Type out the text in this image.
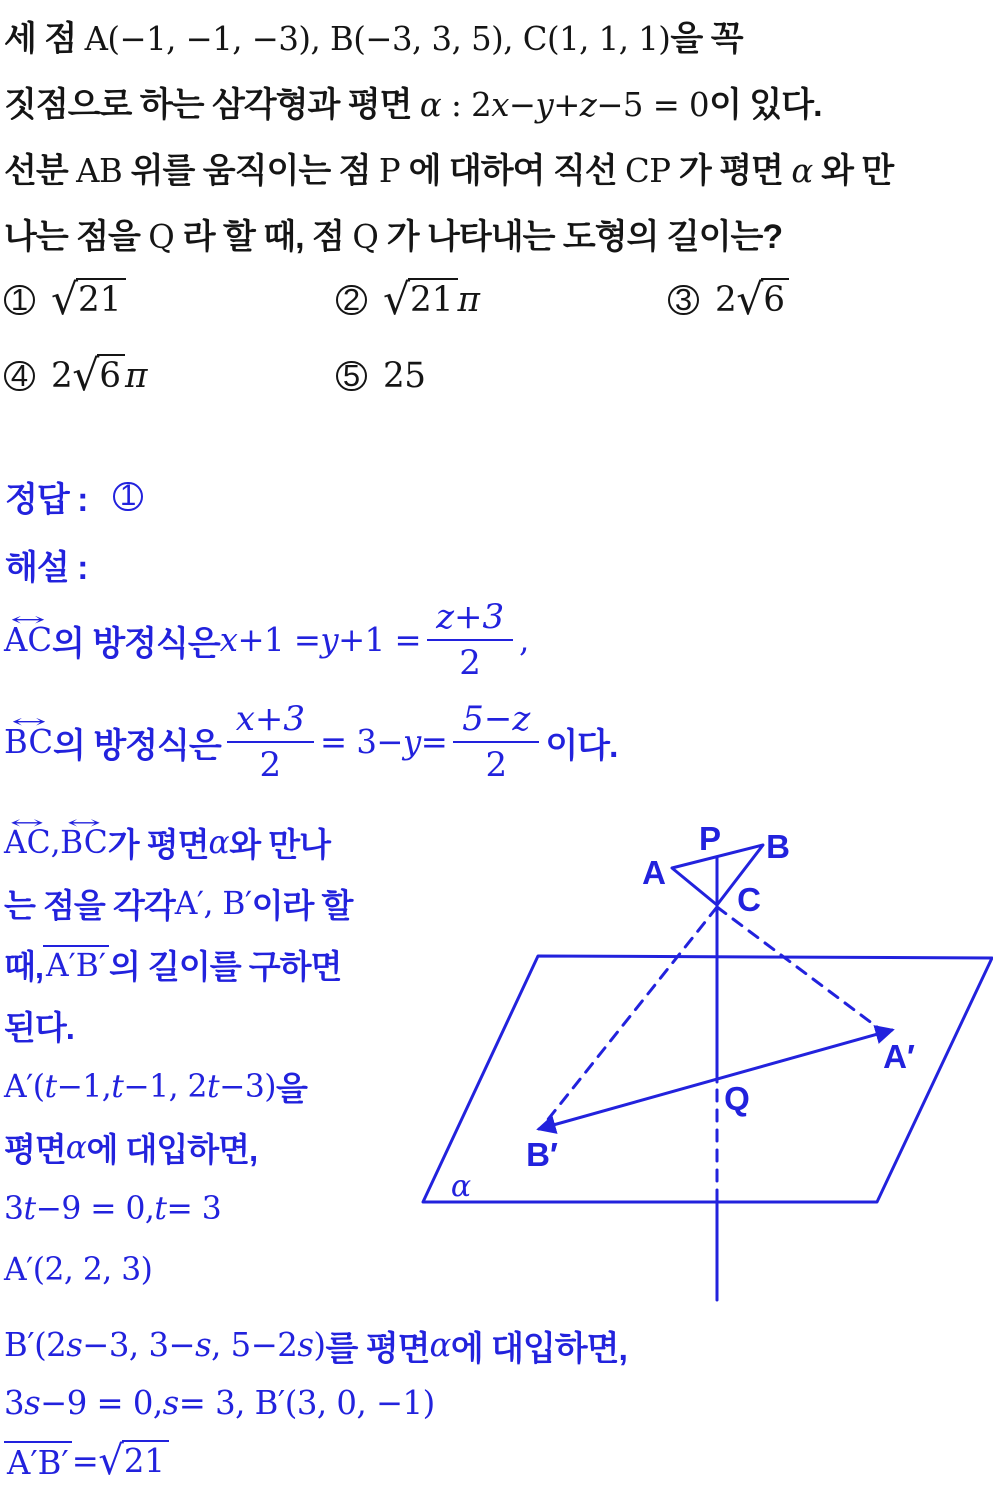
세 점 A(−1, −1, −3), B(−3, 3, 5), C(1, 1, 1)을 꼭
짓점으로 하는 삼각형과 평면 α : 2x−y+z−5 = 0이 있다.
선분 AB 위를 움직이는 점 P 에 대하여 직선 CP 가 평면 α 와 만
나는 점을 Q 라 할 때, 점 Q 가 나타내는 도형의 길이는?
1 √21	2 √21 π	3 2 √6
4 2 √6 π	5 25
정답 : 1
해설 :
↔ AC 의 방정식은 $x +1 = y +1 = \frac{z+3}{2}$ ,
↔ BC 의 방정식은 $\frac{x+3}{2} = 3- y = \frac{5-z}{2}$ 이다.
↔ AC , ↔ BC 가 평면 α 와 만나
는 점을 각각 A′, B′ 이라 할
때, A′B′ 의 길이를 구하면
된다.
A′( t −1, t −1, 2 t −3) 을
평면 α 에 대입하면,
3 t −9 = 0, t = 3
A′(2, 2, 3)
P
A
B
C
Q
A′
B′
α
B′(2 s −3, 3− s , 5−2 s ) 를 평면 α 에 대입하면,
3 s −9 = 0, s = 3, B′(3, 0, −1)
A′B′ = √21
